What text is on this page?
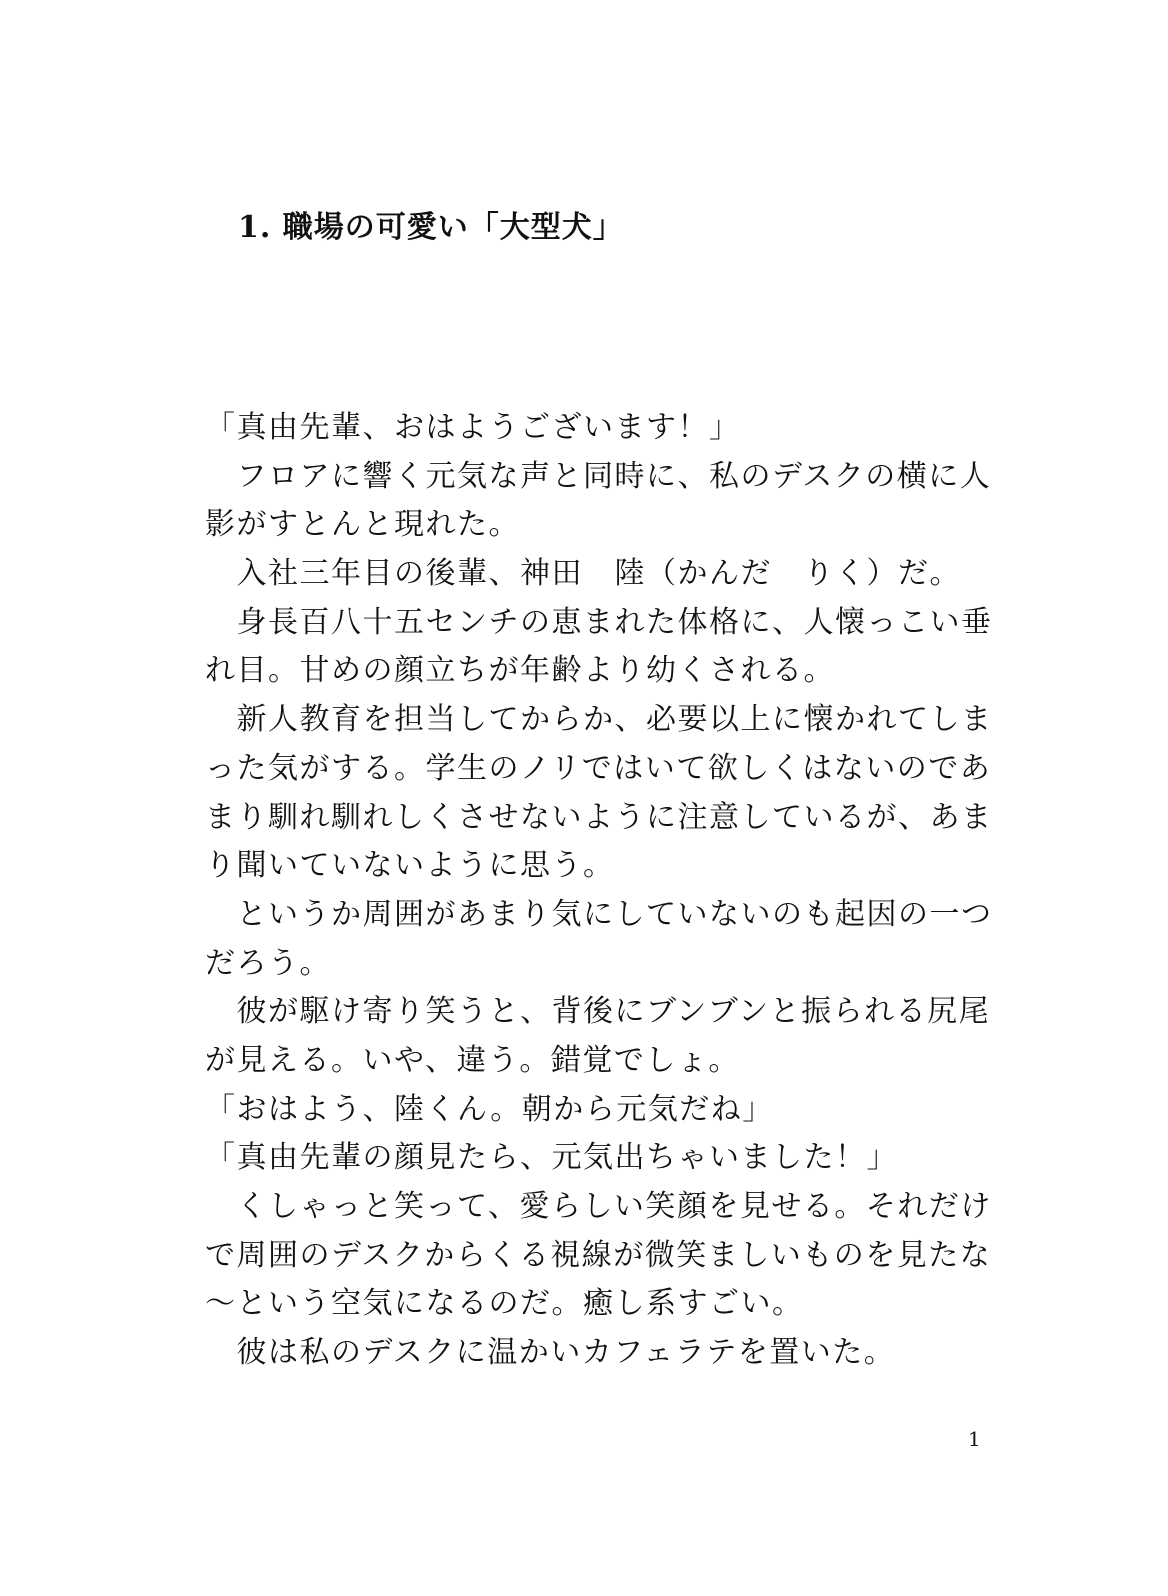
1. 職場の可愛い「大型犬」
「真由先輩、おはようございます！」
　フロアに響く元気な声と同時に、私のデスクの横に人
影がすとんと現れた。
　入社三年目の後輩、神田　陸（かんだ　りく）だ。
　身長百八十五センチの恵まれた体格に、人懐っこい垂
れ目。甘めの顔立ちが年齢より幼くされる。
　新人教育を担当してからか、必要以上に懐かれてしま
った気がする。学生のノリではいて欲しくはないのであ
まり馴れ馴れしくさせないように注意しているが、あま
り聞いていないように思う。
　というか周囲があまり気にしていないのも起因の一つ
だろう。
　彼が駆け寄り笑うと、背後にブンブンと振られる尻尾
が見える。いや、違う。錯覚でしょ。
「おはよう、陸くん。朝から元気だね」
「真由先輩の顔見たら、元気出ちゃいました！」
　くしゃっと笑って、愛らしい笑顔を見せる。それだけ
で周囲のデスクからくる視線が微笑ましいものを見たな
～という空気になるのだ。癒し系すごい。
　彼は私のデスクに温かいカフェラテを置いた。
1
